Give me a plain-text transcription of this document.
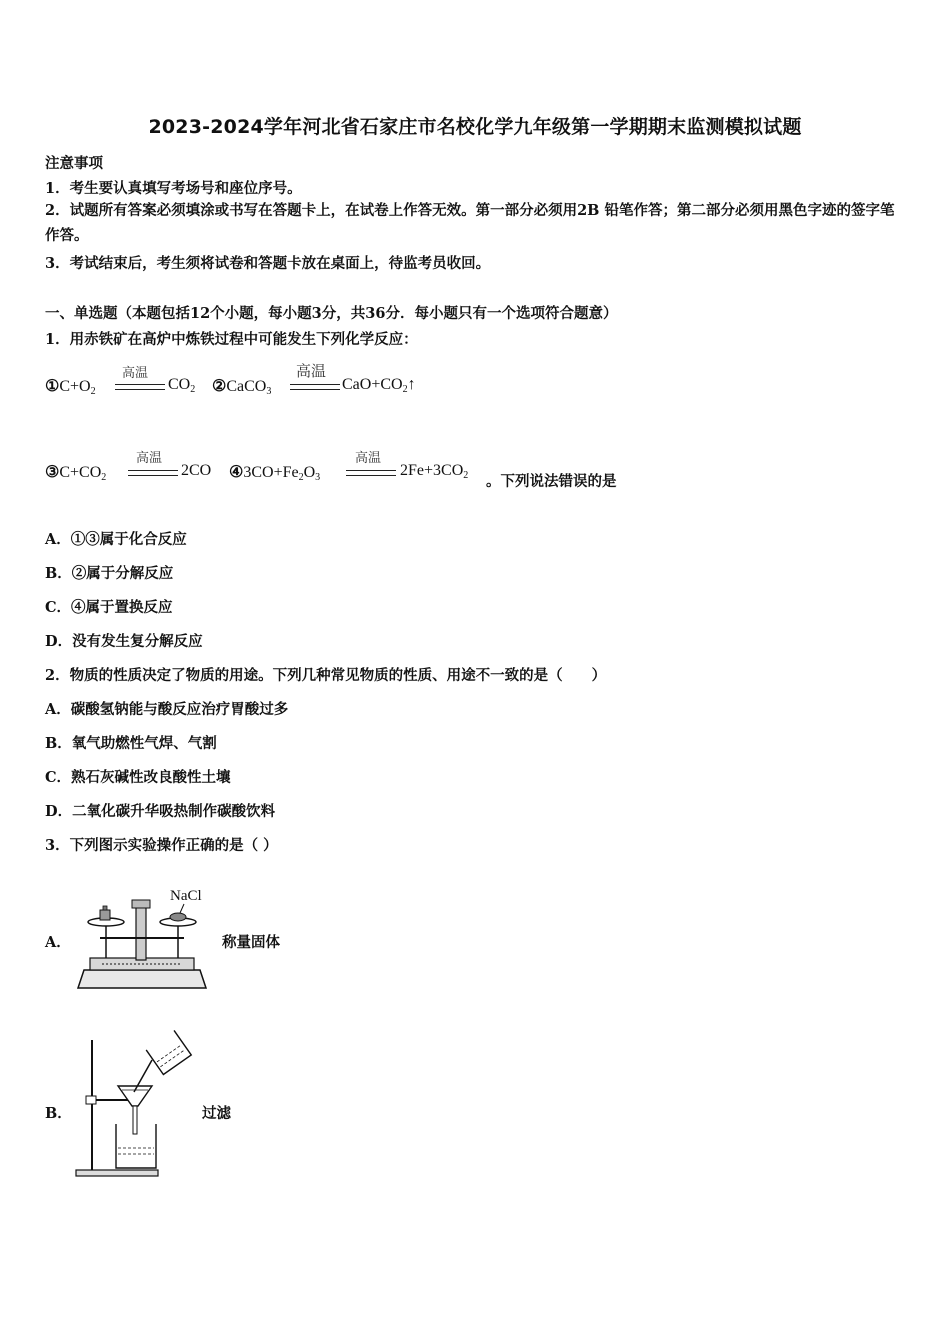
2023-2024学年河北省石家庄市名校化学九年级第一学期期末监测模拟试题
注意事项
1．考生要认真填写考场号和座位序号。
2．试题所有答案必须填涂或书写在答题卡上，在试卷上作答无效。第一部分必须用2B 铅笔作答；第二部分必须用黑色字迹的签字笔作答。
3．考试结束后，考生须将试卷和答题卡放在桌面上，待监考员收回。
一、单选题（本题包括12个小题，每小题3分，共36分．每小题只有一个选项符合题意）
1．用赤铁矿在高炉中炼铁过程中可能发生下列化学反应：
$①C+O_2$
高温
$CO_2$ ②CaCO$_3$
高温
$CaO+CO_2↑$
$③C+CO_2$
高温
2CO $④3CO+Fe_2O_3$
高温
$2Fe+3CO_2$ 。下列说法错误的是
A．①③属于化合反应
B．②属于分解反应
C．④属于置换反应
D．没有发生复分解反应
2．物质的性质决定了物质的用途。下列几种常见物质的性质、用途不一致的是（　　）
A．碳酸氢钠能与酸反应治疗胃酸过多
B．氧气助燃性气焊、气割
C．熟石灰碱性改良酸性土壤
D．二氧化碳升华吸热制作碳酸饮料
3．下列图示实验操作正确的是（ ）
A．
NaCl
称量固体
B．	过滤
